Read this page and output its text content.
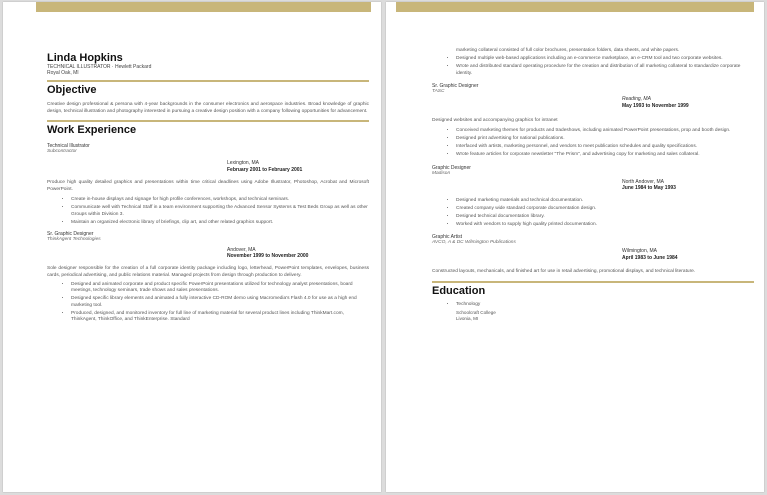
Linda Hopkins
TECHNICAL ILLUSTRATOR · Hewlett Packard
Royal Oak, MI
Objective
Creative design professional & persona with 4-year backgrounds in the consumer electronics and aerospace industries. Broad knowledge of graphic design, technical illustration and photography interested in pursuing a creative design position with a company following opportunities for advancement.
Work Experience
Technical Illustrator
Subcontractor
Lexington, MA
February 2001 to February 2001
Produce high quality detailed graphics and presentations within time critical deadlines using Adobe Illustrator, Photoshop, Acrobat and Microsoft PowerPoint.
• Create in-house displays and signage for high profile conferences, workshops, and technical seminars.
• Communicate well with Technical Staff in a team environment supporting the Advanced Sensor Systems & Test Beds Group as well as other Groups within Division 3.
• Maintain an organized electronic library of briefings, clip art, and other related graphics support.
Sr. Graphic Designer
ThinkAgent Technologies
Andover, MA
November 1999 to November 2000
Sole designer responsible for the creation of a full corporate identity package including logo, letterhead, PowerPoint templates, envelopes, business cards, periodical advertising, and public relations material. Managed projects from design through production to delivery.
• Designed and animated corporate and product specific PowerPoint presentations utilized for technology analyst presentations, board meetings, technology seminars, trade shows and sales presentations.
• Designed specific library elements and animated a fully interactive CD-ROM demo using Macromedia's Flash 4.0 for use as a high end marketing tool.
• Produced, designed, and monitored inventory for full line of marketing material for several product lines including ThinkMart.com, ThinkAgent, ThinkOffice, and ThinkEnterprise. Standard
marketing collateral consisted of full color brochures, presentation folders, data sheets, and white papers.
• Designed multiple web-based applications including an e-commerce marketplace, an e-CRM tool and two corporate websites.
• Wrote and distributed standard operating procedure for the creation and distribution of all marketing collateral to standardize corporate identity.
Sr. Graphic Designer
TASC
Reading, MA
May 1993 to November 1999
Designed websites and accompanying graphics for intranet
• Conceived marketing themes for products and tradeshows, including animated PowerPoint presentations, prop and booth design.
• Designed print advertising for national publications.
• Interfaced with artists, marketing personnel, and vendors to meet publication schedules and quality specifications.
• Wrote feature articles for corporate newsletter "The Prism", and advertising copy for marketing and sales collateral.
Graphic Designer
Madison
North Andover, MA
June 1984 to May 1993
• Designed marketing materials and technical documentation.
• Created company wide standard corporate documentation design.
• Designed technical documentation library.
• Worked with vendors to supply high quality printed documentation.
Graphic Artist
AVCO, A & DC Wilmington Publications
Wilmington, MA
April 1983 to June 1984
Constructed layouts, mechanicals, and finished art for use in retail advertising, promotional displays, and technical literature.
Education
• Technology
Schoolcraft College
Livonia, MI
